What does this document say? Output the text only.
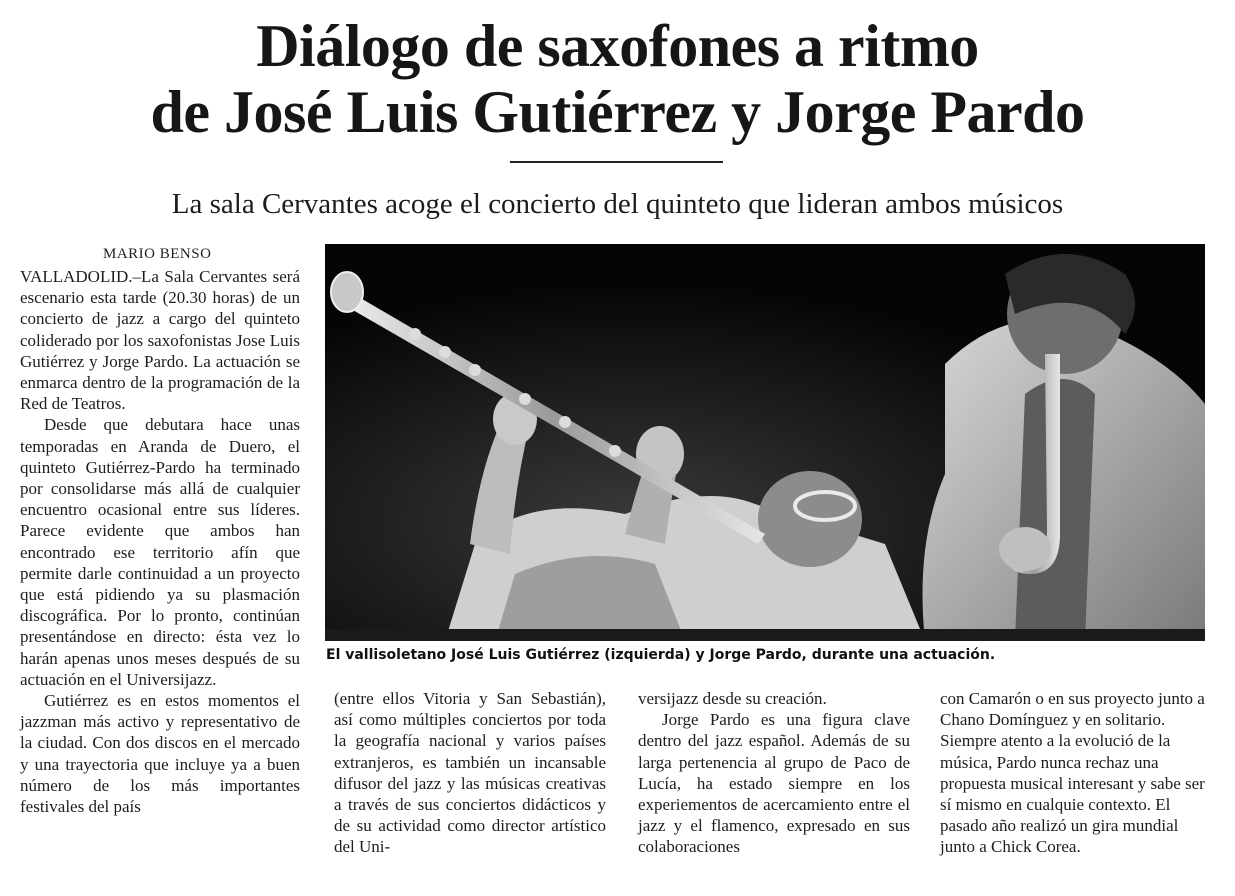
Diálogo de saxofones a ritmo
de José Luis Gutiérrez y Jorge Pardo
La sala Cervantes acoge el concierto del quinteto que lideran ambos músicos
MARIO BENSO

VALLADOLID.–La Sala Cervantes será escenario esta tarde (20.30 horas) de un concierto de jazz a cargo del quinteto coliderado por los saxofonistas Jose Luis Gutiérrez y Jorge Pardo. La actuación se enmarca dentro de la programación de la Red de Teatros.

Desde que debutara hace unas temporadas en Aranda de Duero, el quinteto Gutiérrez-Pardo ha terminado por consolidarse más allá de cualquier encuentro ocasional entre sus líderes. Parece evidente que ambos han encontrado ese territorio afín que permite darle continuidad a un proyecto que está pidiendo ya su plasmación discográfica. Por lo pronto, continúan presentándose en directo: ésta vez lo harán apenas unos meses después de su actuación en el Universijazz.

Gutiérrez es en estos momentos el jazzman más activo y representativo de la ciudad. Con dos discos en el mercado y una trayectoria que incluye ya a buen número de los más importantes festivales del país

El vallisoletano José Luis Gutiérrez (izquierda) y Jorge Pardo, durante una actuación.

(entre ellos Vitoria y San Sebastián), así como múltiples conciertos por toda la geografía nacional y varios países extranjeros, es también un incansable difusor del jazz y las músicas creativas a través de sus conciertos didácticos y de su actividad como director artístico del Uni-

versijazz desde su creación.

Jorge Pardo es una figura clave dentro del jazz español. Además de su larga pertenencia al grupo de Paco de Lucía, ha estado siempre en los experiementos de acercamiento entre el jazz y el flamenco, expresado en sus colaboraciones

con Camarón o en sus proyecto junto a Chano Domínguez y en solitario. Siempre atento a la evolució de la música, Pardo nunca rechaz una propuesta musical interesant y sabe ser sí mismo en cualquie contexto. El pasado año realizó un gira mundial junto a Chick Corea.
